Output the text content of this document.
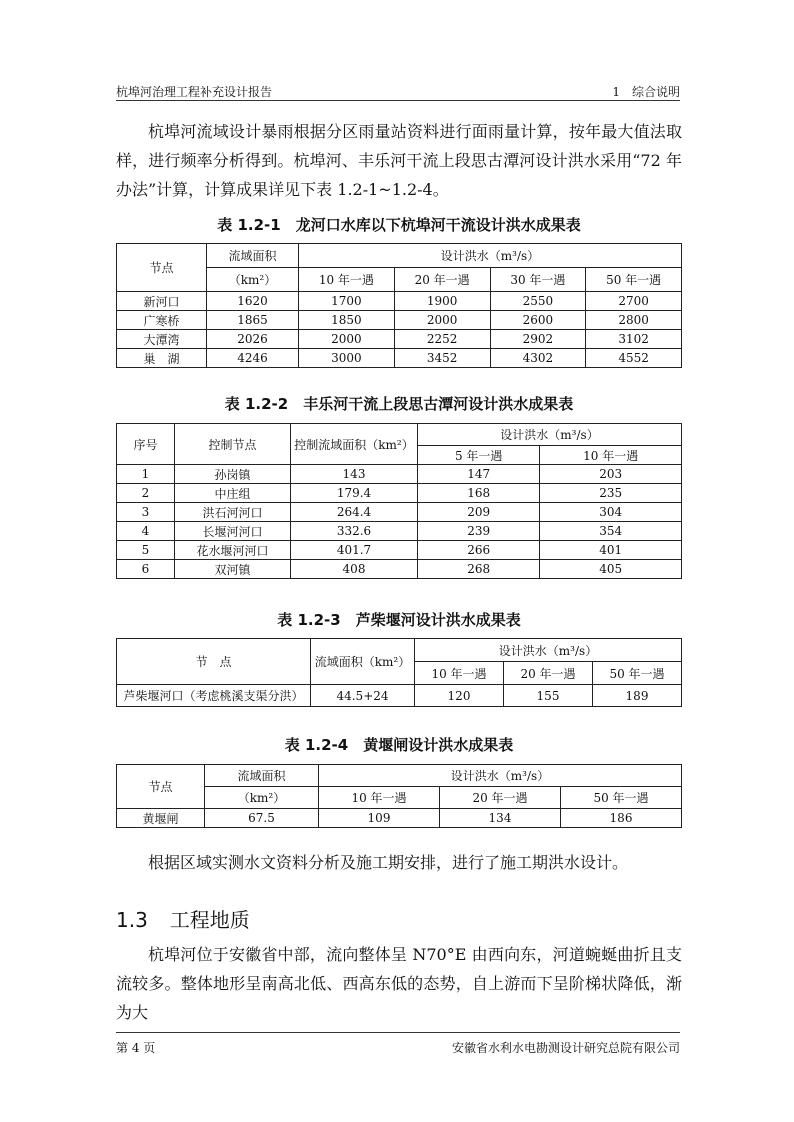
杭埠河治理工程补充设计报告	1　综合说明

杭埠河流域设计暴雨根据分区雨量站资料进行面雨量计算，按年最大值法取样，进行频率分析得到。杭埠河、丰乐河干流上段思古潭河设计洪水采用“72 年办法”计算，计算成果详见下表 1.2-1~1.2-4。

表 1.2-1　龙河口水库以下杭埠河干流设计洪水成果表
节点	流域面积	设计洪水（m³/s）			
	（km²）	10 年一遇	20 年一遇	30 年一遇	50 年一遇
新河口	1620	1700	1900	2550	2700
广寒桥	1865	1850	2000	2600	2800
大潭湾	2026	2000	2252	2902	3102
巢　湖	4246	3000	3452	4302	4552
表 1.2-2　丰乐河干流上段思古潭河设计洪水成果表
序号	控制节点	控制流域面积（km²）	设计洪水（m³/s）	
			5 年一遇	10 年一遇
1	孙岗镇	143	147	203
2	中庄组	179.4	168	235
3	洪石河河口	264.4	209	304
4	长堰河河口	332.6	239	354
5	花水堰河河口	401.7	266	401
6	双河镇	408	268	405
表 1.2-3　芦柴堰河设计洪水成果表
节　点	流域面积（km²）	设计洪水（m³/s）		
		10 年一遇	20 年一遇	50 年一遇
芦柴堰河口（考虑桃溪支渠分洪）	44.5+24	120	155	189
表 1.2-4　黄堰闸设计洪水成果表
节点	流域面积	设计洪水（m³/s）		
	（km²）	10 年一遇	20 年一遇	50 年一遇
黄堰闸	67.5	109	134	186

根据区域实测水文资料分析及施工期安排，进行了施工期洪水设计。

1.3 工程地质

杭埠河位于安徽省中部，流向整体呈 N70°E 由西向东，河道蜿蜒曲折且支流较多。整体地形呈南高北低、西高东低的态势，自上游而下呈阶梯状降低，渐为大

第 4 页	安徽省水利水电勘测设计研究总院有限公司
